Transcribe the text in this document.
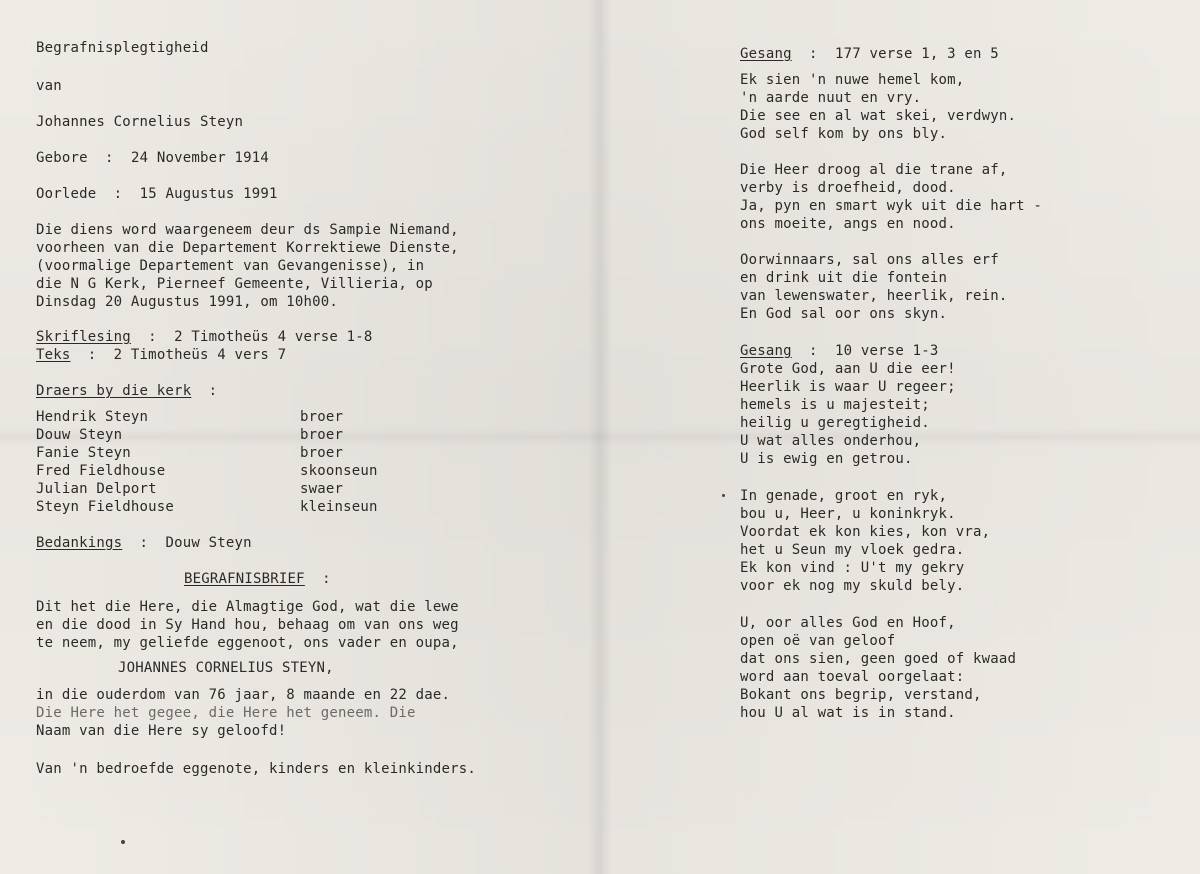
Begrafnisplegtigheid
van
Johannes Cornelius Steyn
Gebore  :  24 November 1914
Oorlede  :  15 Augustus 1991
Die diens word waargeneem deur ds Sampie Niemand,
voorheen van die Departement Korrektiewe Dienste,
(voormalige Departement van Gevangenisse), in
die N G Kerk, Pierneef Gemeente, Villieria, op
Dinsdag 20 Augustus 1991, om 10h00.
Skriflesing  :  2 Timotheüs 4 verse 1-8
Teks  :  2 Timotheüs 4 vers 7
Draers by die kerk  :
Hendrik Steyn	broer
Douw Steyn	broer
Fanie Steyn	broer
Fred Fieldhouse	skoonseun
Julian Delport	swaer
Steyn Fieldhouse	kleinseun
Bedankings  :  Douw Steyn
BEGRAFNISBRIEF  :
Dit het die Here, die Almagtige God, wat die lewe
en die dood in Sy Hand hou, behaag om van ons weg
te neem, my geliefde eggenoot, ons vader en oupa,
JOHANNES CORNELIUS STEYN,
in die ouderdom van 76 jaar, 8 maande en 22 dae.
Die Here het gegee, die Here het geneem. Die
Naam van die Here sy geloofd!
Van 'n bedroefde eggenote, kinders en kleinkinders.
Gesang  :  177 verse 1, 3 en 5
Ek sien 'n nuwe hemel kom,
'n aarde nuut en vry.
Die see en al wat skei, verdwyn.
God self kom by ons bly.
Die Heer droog al die trane af,
verby is droefheid, dood.
Ja, pyn en smart wyk uit die hart -
ons moeite, angs en nood.
Oorwinnaars, sal ons alles erf
en drink uit die fontein
van lewenswater, heerlik, rein.
En God sal oor ons skyn.
Gesang  :  10 verse 1-3
Grote God, aan U die eer!
Heerlik is waar U regeer;
hemels is u majesteit;
heilig u geregtigheid.
U wat alles onderhou,
U is ewig en getrou.
In genade, groot en ryk,
bou u, Heer, u koninkryk.
Voordat ek kon kies, kon vra,
het u Seun my vloek gedra.
Ek kon vind : U't my gekry
voor ek nog my skuld bely.
U, oor alles God en Hoof,
open oë van geloof
dat ons sien, geen goed of kwaad
word aan toeval oorgelaat:
Bokant ons begrip, verstand,
hou U al wat is in stand.
